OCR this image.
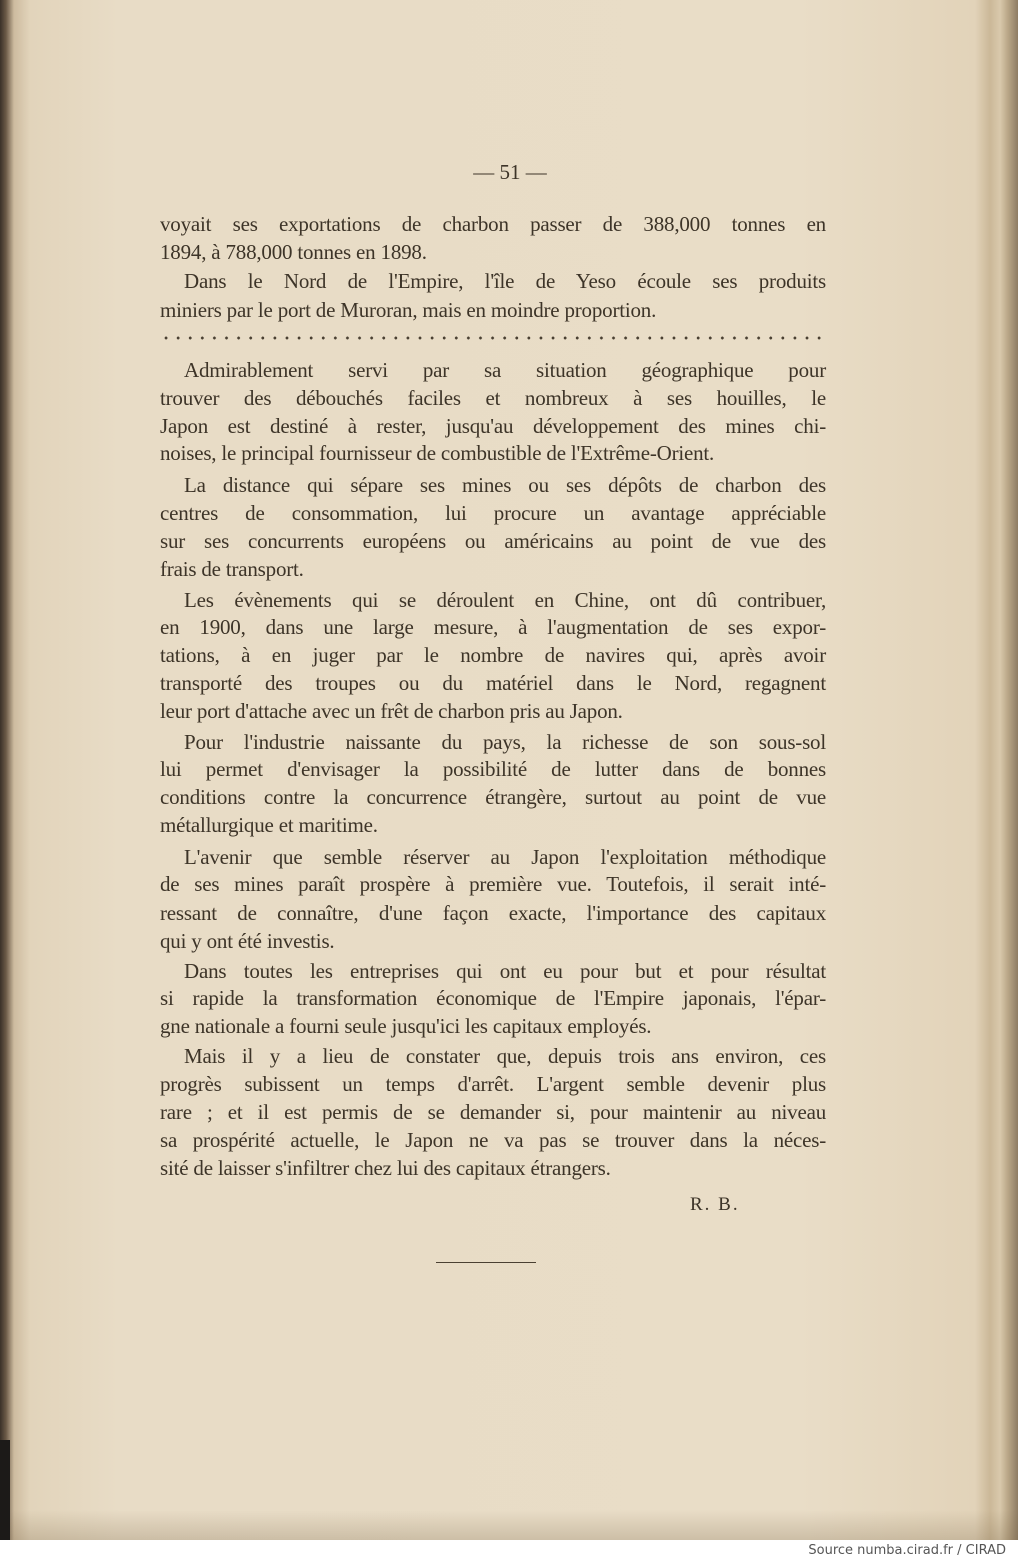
— 51 —
voyait ses exportations de charbon passer de 388,000 tonnes en
1894, à 788,000 tonnes en 1898.
Dans le Nord de l'Empire, l'île de Yeso écoule ses produits
miniers par le port de Muroran, mais en moindre proportion.
Admirablement servi par sa situation géographique pour
trouver des débouchés faciles et nombreux à ses houilles, le
Japon est destiné à rester, jusqu'au développement des mines chi-
noises, le principal fournisseur de combustible de l'Extrême-Orient.
La distance qui sépare ses mines ou ses dépôts de charbon des
centres de consommation, lui procure un avantage appréciable
sur ses concurrents européens ou américains au point de vue des
frais de transport.
Les évènements qui se déroulent en Chine, ont dû contribuer,
en 1900, dans une large mesure, à l'augmentation de ses expor-
tations, à en juger par le nombre de navires qui, après avoir
transporté des troupes ou du matériel dans le Nord, regagnent
leur port d'attache avec un frêt de charbon pris au Japon.
Pour l'industrie naissante du pays, la richesse de son sous-sol
lui permet d'envisager la possibilité de lutter dans de bonnes
conditions contre la concurrence étrangère, surtout au point de vue
métallurgique et maritime.
L'avenir que semble réserver au Japon l'exploitation méthodique
de ses mines paraît prospère à première vue. Toutefois, il serait inté-
ressant de connaître, d'une façon exacte, l'importance des capitaux
qui y ont été investis.
Dans toutes les entreprises qui ont eu pour but et pour résultat
si rapide la transformation économique de l'Empire japonais, l'épar-
gne nationale a fourni seule jusqu'ici les capitaux employés.
Mais il y a lieu de constater que, depuis trois ans environ, ces
progrès subissent un temps d'arrêt. L'argent semble devenir plus
rare ; et il est permis de se demander si, pour maintenir au niveau
sa prospérité actuelle, le Japon ne va pas se trouver dans la néces-
sité de laisser s'infiltrer chez lui des capitaux étrangers.
R. B.
Source numba.cirad.fr / CIRAD
